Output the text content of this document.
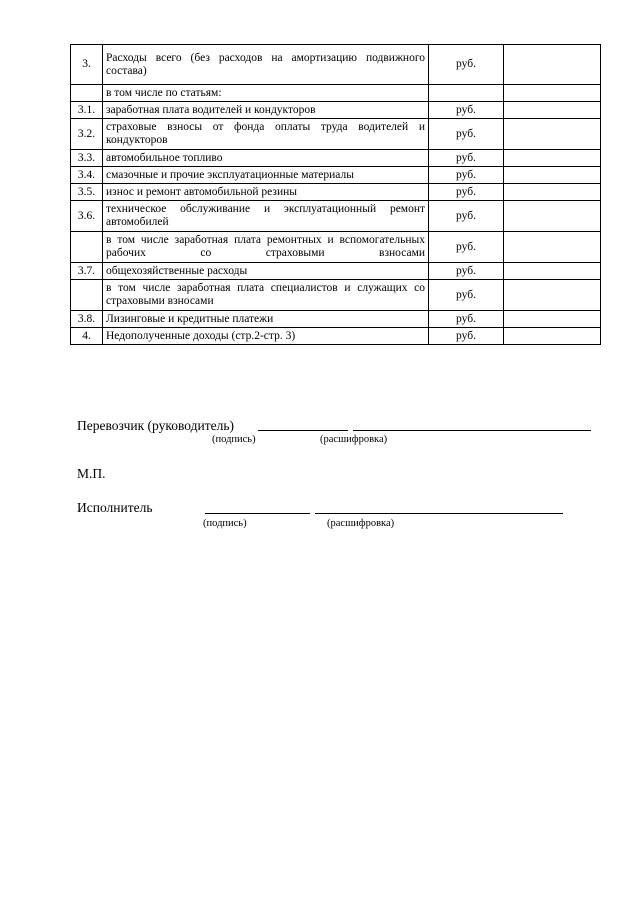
3.	Расходы всего (без расходов на амортизацию подвижного состава)	руб.	
	в том числе по статьям:		
3.1.	заработная плата водителей и кондукторов	руб.	
3.2.	страховые взносы от фонда оплаты труда водителей и кондукторов	руб.	
3.3.	автомобильное топливо	руб.	
3.4.	смазочные и прочие эксплуатационные материалы	руб.	
3.5.	износ и ремонт автомобильной резины	руб.	
3.6.	техническое обслуживание и эксплуатационный ремонт автомобилей	руб.	
	в том числе заработная плата ремонтных и вспомогательных рабочих со страховыми взносами	руб.	
3.7.	общехозяйственные расходы	руб.	
	в том числе заработная плата специалистов и служащих со страховыми взносами	руб.	
3.8.	Лизинговые и кредитные платежи	руб.	
4.	Недополученные доходы (стр.2-стр. 3)	руб.	
Перевозчик (руководитель)
(подпись)	(расшифровка)
М.П.
Исполнитель
(подпись)	(расшифровка)
